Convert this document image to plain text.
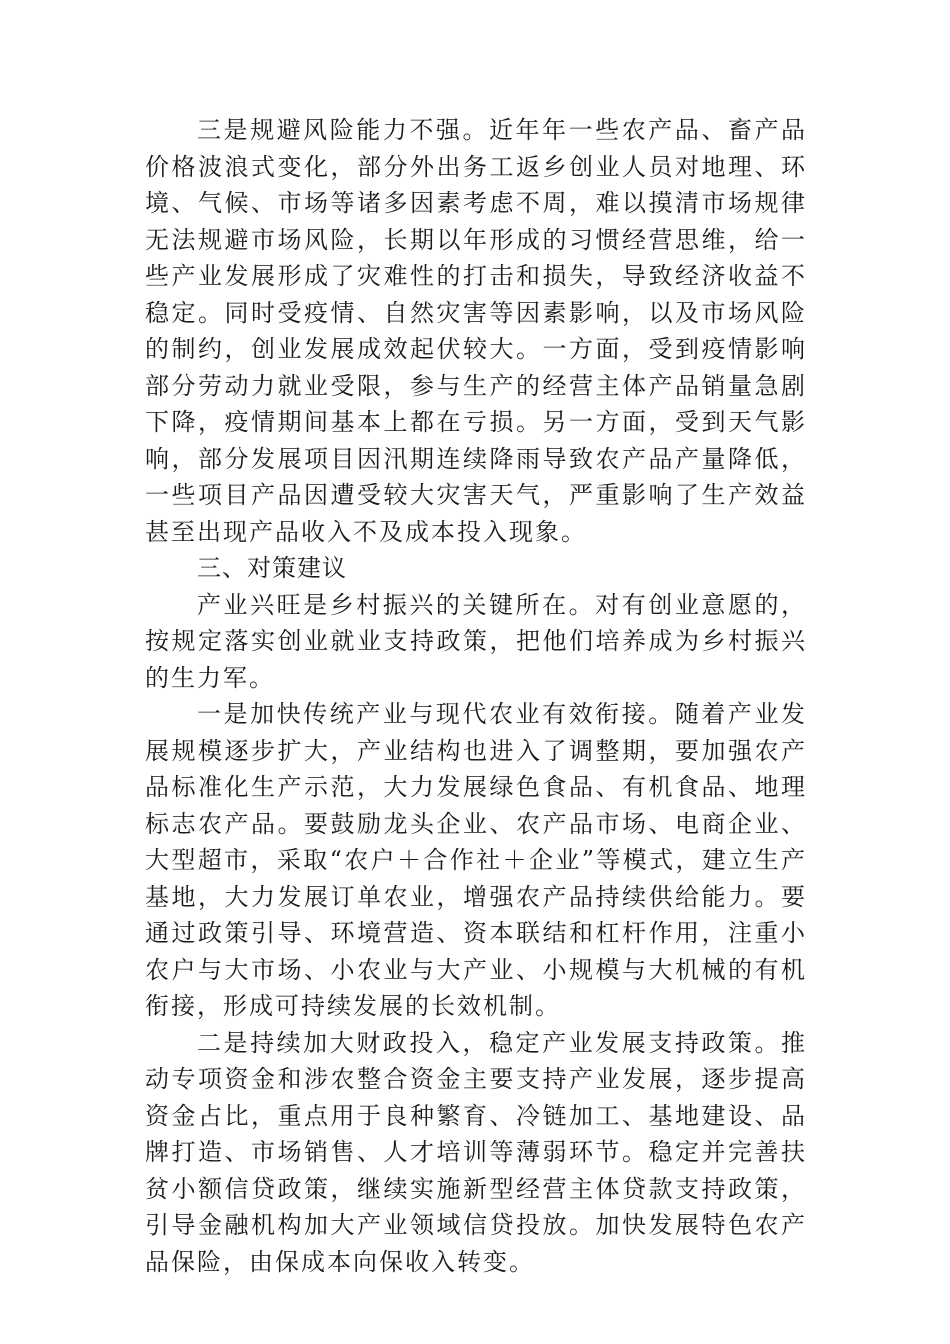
三是规避风险能力不强。近年年一些农产品、畜产品价格波浪式变化，部分外出务工返乡创业人员对地理、环境、气候、市场等诸多因素考虑不周，难以摸清市场规律无法规避市场风险，长期以年形成的习惯经营思维，给一些产业发展形成了灾难性的打击和损失，导致经济收益不稳定。同时受疫情、自然灾害等因素影响，以及市场风险的制约，创业发展成效起伏较大。一方面，受到疫情影响部分劳动力就业受限，参与生产的经营主体产品销量急剧下降，疫情期间基本上都在亏损。另一方面，受到天气影响，部分发展项目因汛期连续降雨导致农产品产量降低，一些项目产品因遭受较大灾害天气，严重影响了生产效益甚至出现产品收入不及成本投入现象。

三、对策建议

产业兴旺是乡村振兴的关键所在。对有创业意愿的，按规定落实创业就业支持政策，把他们培养成为乡村振兴的生力军。

一是加快传统产业与现代农业有效衔接。随着产业发展规模逐步扩大，产业结构也进入了调整期，要加强农产品标准化生产示范，大力发展绿色食品、有机食品、地理标志农产品。要鼓励龙头企业、农产品市场、电商企业、大型超市，采取“农户＋合作社＋企业”等模式，建立生产基地，大力发展订单农业，增强农产品持续供给能力。要通过政策引导、环境营造、资本联结和杠杆作用，注重小农户与大市场、小农业与大产业、小规模与大机械的有机衔接，形成可持续发展的长效机制。

二是持续加大财政投入，稳定产业发展支持政策。推动专项资金和涉农整合资金主要支持产业发展，逐步提高资金占比，重点用于良种繁育、冷链加工、基地建设、品牌打造、市场销售、人才培训等薄弱环节。稳定并完善扶贫小额信贷政策，继续实施新型经营主体贷款支持政策，引导金融机构加大产业领域信贷投放。加快发展特色农产品保险，由保成本向保收入转变。
